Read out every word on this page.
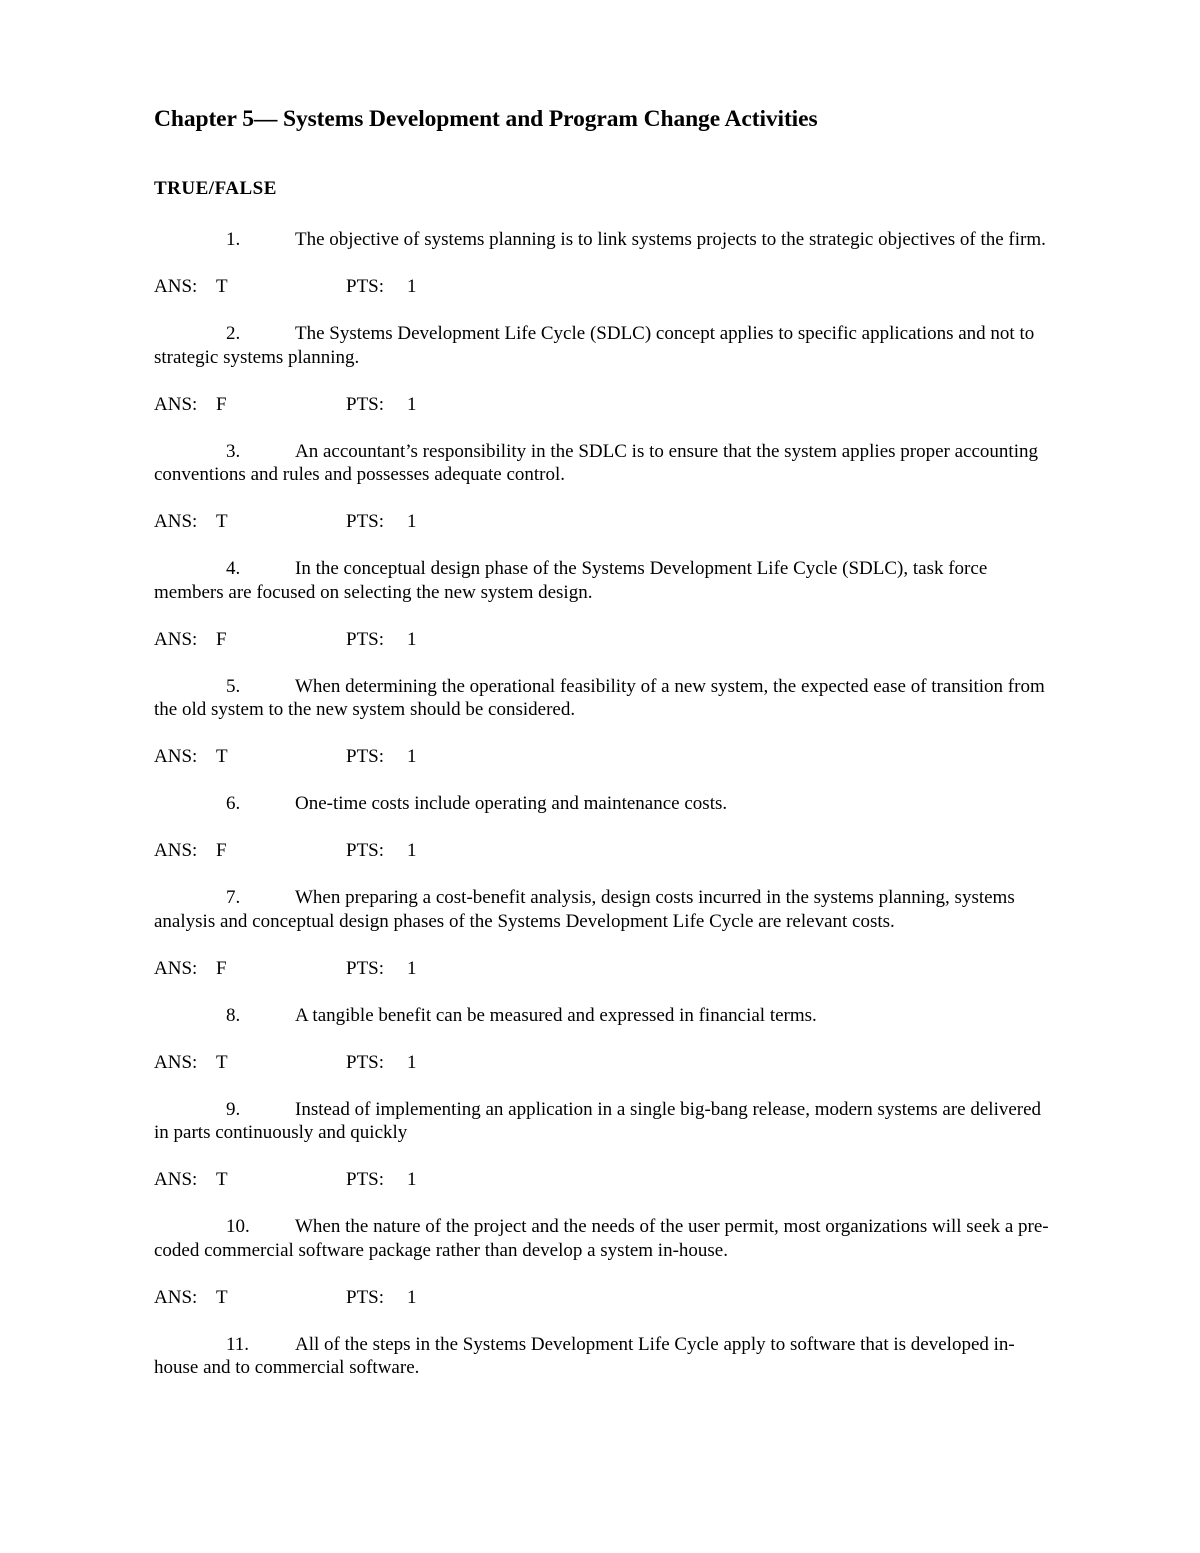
Chapter 5— Systems Development and Program Change Activities
TRUE/FALSE
1.	The objective of systems planning is to link systems projects to the strategic objectives of the firm.
ANS: T	PTS: 1
2.	The Systems Development Life Cycle (SDLC) concept applies to specific applications and not to strategic systems planning.
ANS: F	PTS: 1
3.	An accountant’s responsibility in the SDLC is to ensure that the system applies proper accounting conventions and rules and possesses adequate control.
ANS: T	PTS: 1
4.	In the conceptual design phase of the Systems Development Life Cycle (SDLC), task force members are focused on selecting the new system design.
ANS: F	PTS: 1
5.	When determining the operational feasibility of a new system, the expected ease of transition from the old system to the new system should be considered.
ANS: T	PTS: 1
6.	One-time costs include operating and maintenance costs.
ANS: F	PTS: 1
7.	When preparing a cost-benefit analysis, design costs incurred in the systems planning, systems analysis and conceptual design phases of the Systems Development Life Cycle are relevant costs.
ANS: F	PTS: 1
8.	A tangible benefit can be measured and expressed in financial terms.
ANS: T	PTS: 1
9.	Instead of implementing an application in a single big-bang release, modern systems are delivered in parts continuously and quickly
ANS: T	PTS: 1
10. When the nature of the project and the needs of the user permit, most organizations will seek a pre-coded commercial software package rather than develop a system in-house.
ANS: T	PTS: 1
11. All of the steps in the Systems Development Life Cycle apply to software that is developed in-house and to commercial software.
